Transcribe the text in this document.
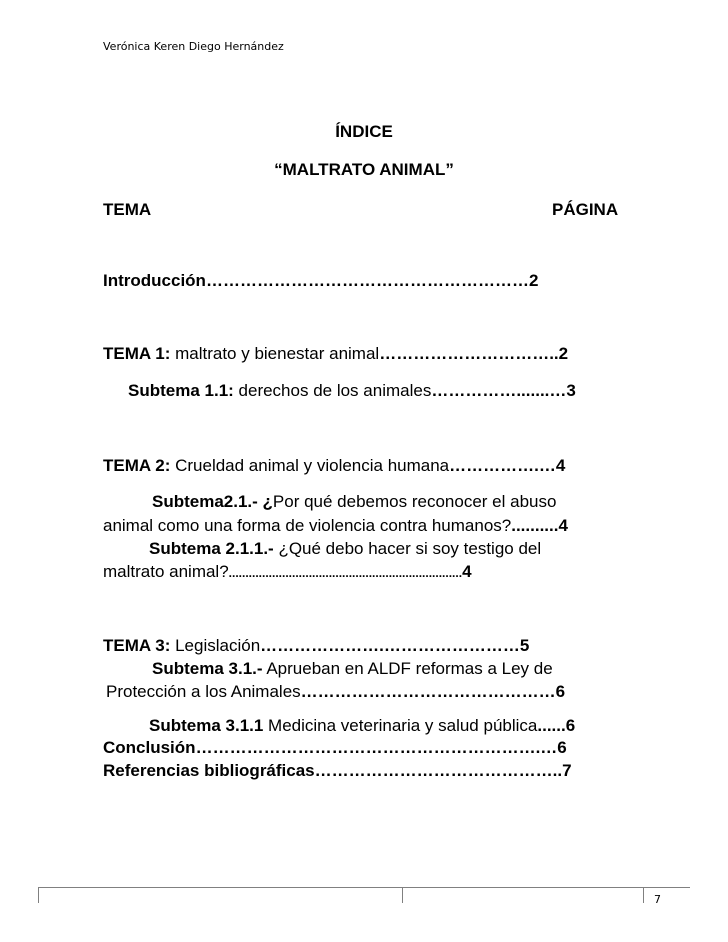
Verónica Keren Diego Hernández
ÍNDICE
“MALTRATO ANIMAL”
TEMA	PÁGINA
Introducción…………………………………………………2
TEMA 1: maltrato y bienestar animal…………………………..2
Subtema 1.1: derechos de los animales…………….......…3
TEMA 2: Crueldad animal y violencia humana…………….…4
Subtema2.1.- ¿Por qué debemos reconocer el abuso
animal como una forma de violencia contra humanos?..........4
Subtema 2.1.1.- ¿Qué debo hacer si soy testigo del
maltrato animal?......................................................................4
TEMA 3: Legislación………………….……………………5
Subtema 3.1.- Aprueban en ALDF reformas a Ley de
Protección a los Animales………………………………………6
Subtema 3.1.1 Medicina veterinaria y salud pública......6
Conclusión…………………………………………………….…6
Referencias bibliográficas……………………………………..7
7
